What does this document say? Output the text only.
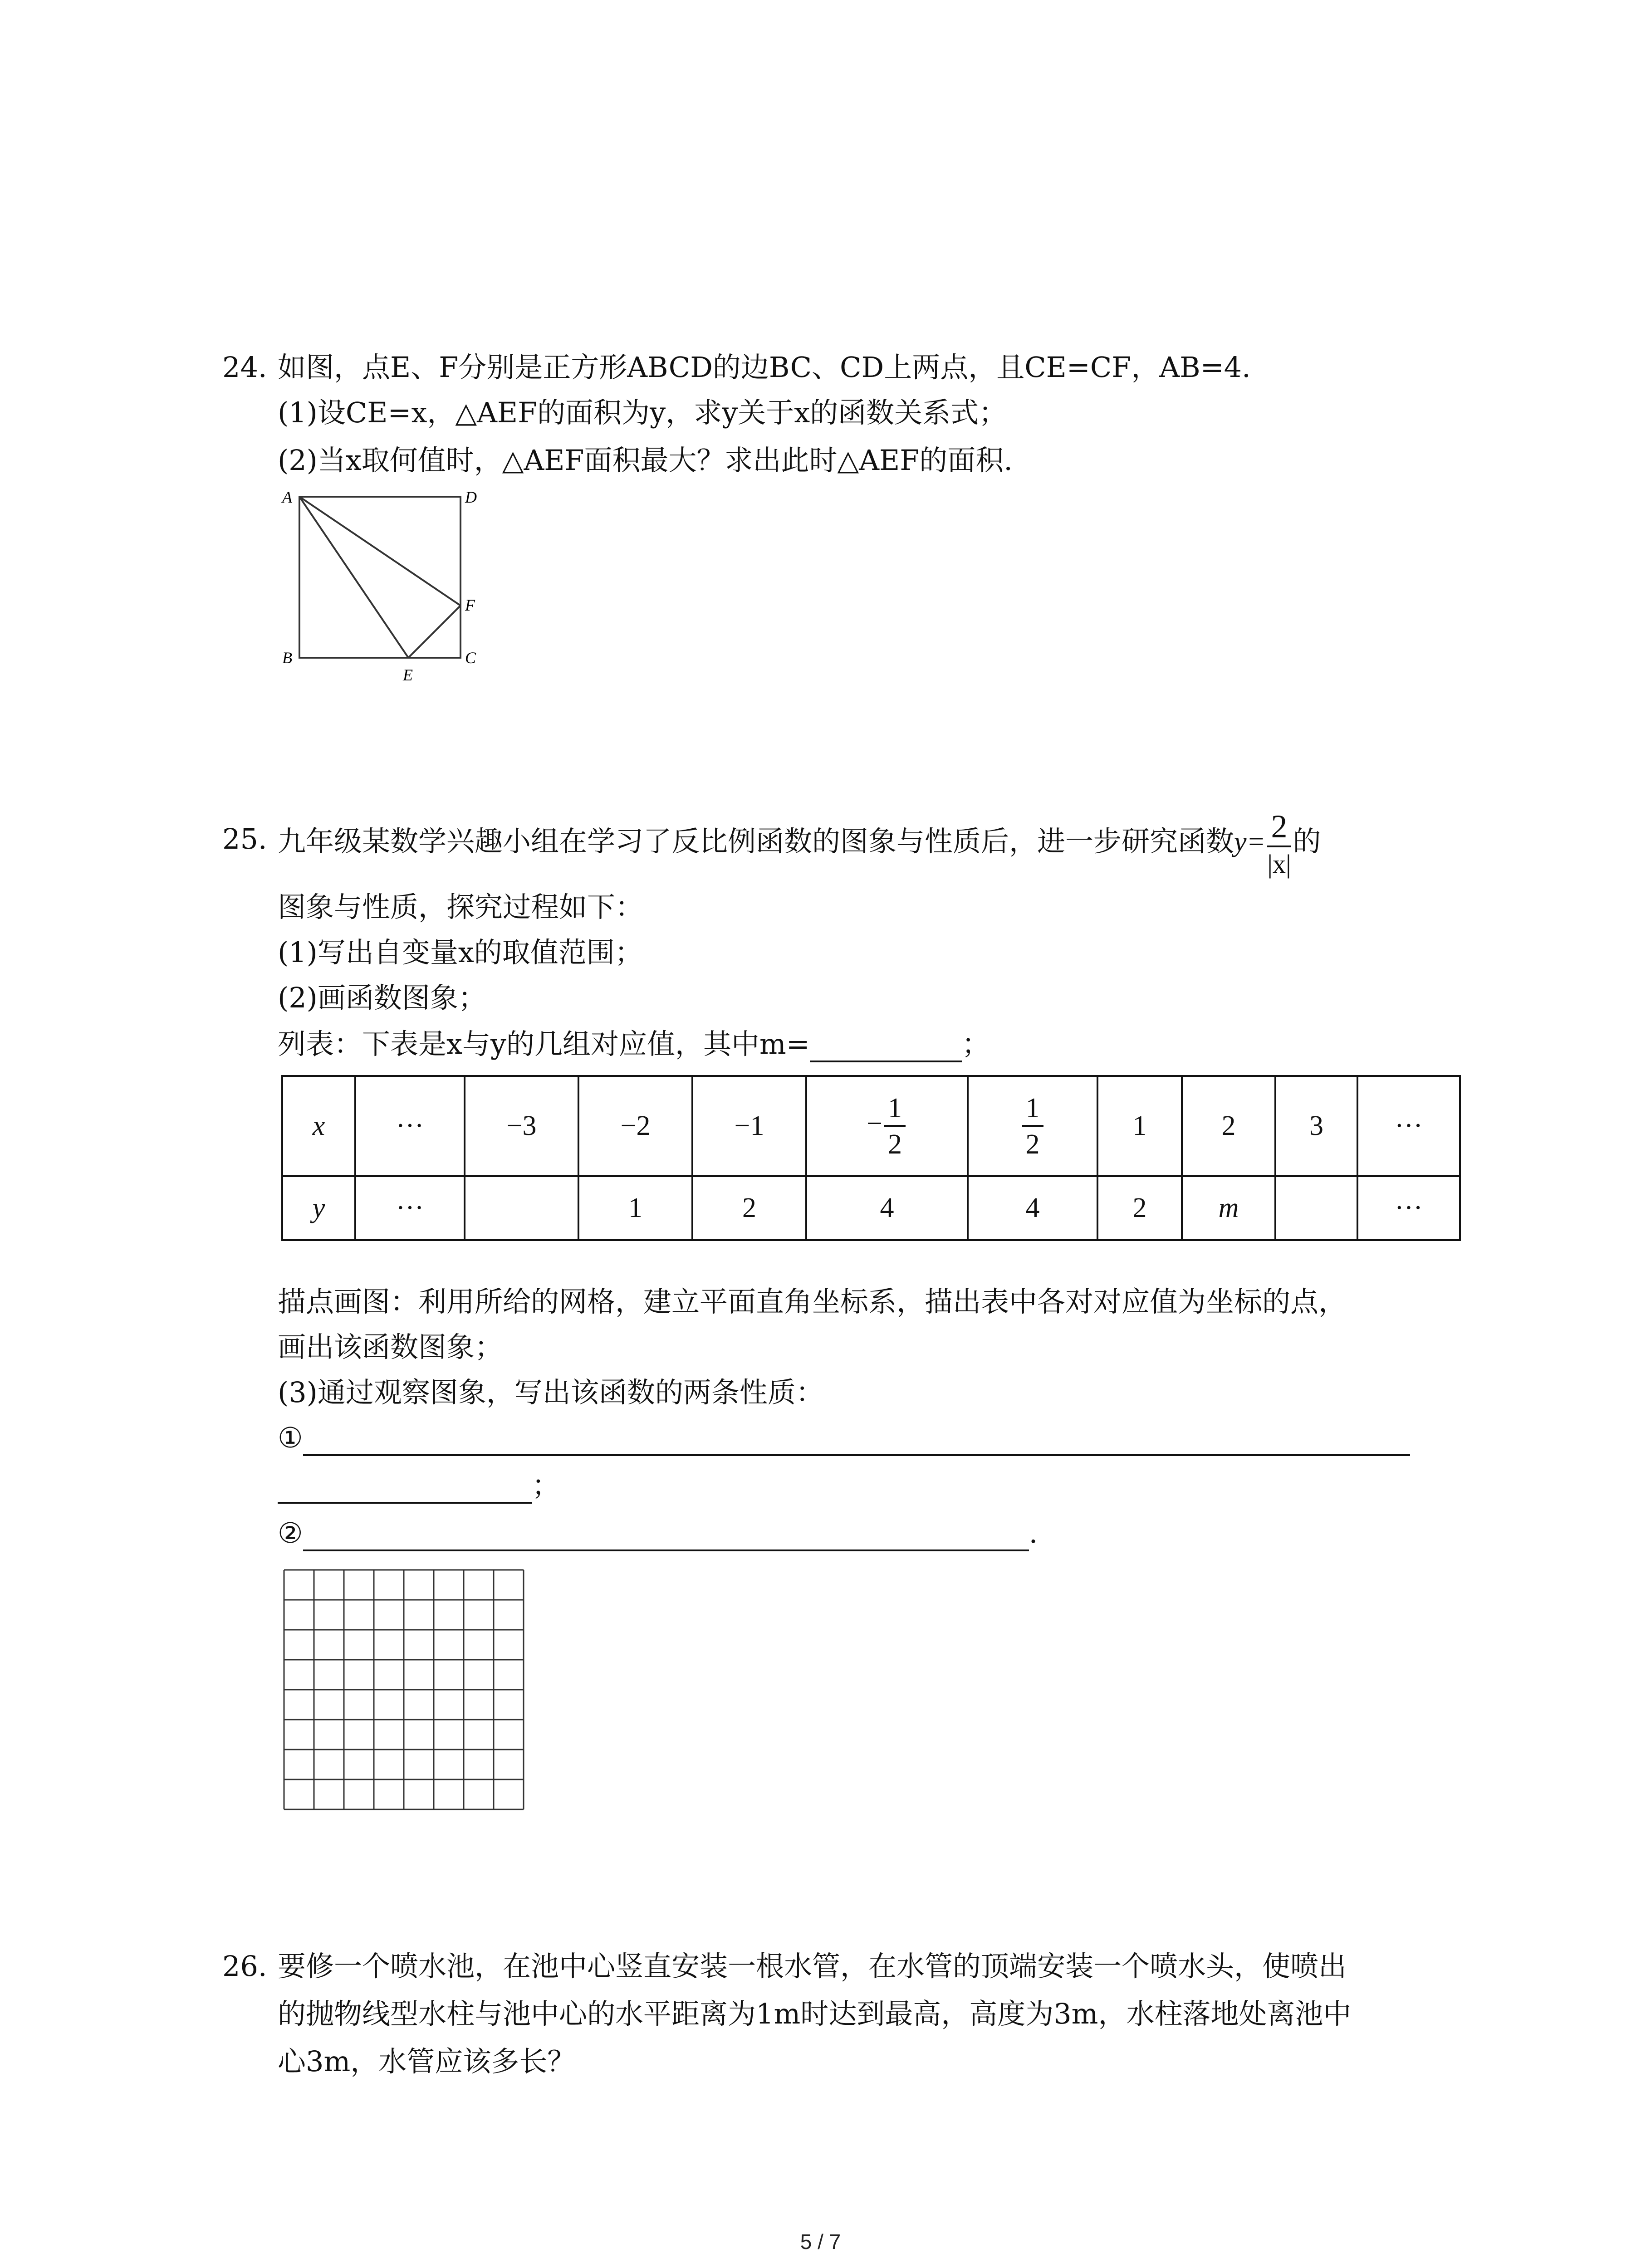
24. 如图，点E、F分别是正方形ABCD的边BC、CD上两点，且CE=CF，AB=4.
(1)设CE=x，△AEF的面积为y，求y关于x的函数关系式；
(2)当x取何值时，△AEF面积最大？求出此时△AEF的面积.
A	D
B	C
E
F
25. 九年级某数学兴趣小组在学习了反比例函数的图象与性质后，进一步研究函数$y= \frac{2}{|x|}$ 的
图象与性质，探究过程如下：
(1)写出自变量x的取值范围；
(2)画函数图象；
列表：下表是x与y的几组对应值，其中m=	；
x	···	−3	−2	−1	− $\frac{1}{2}$	$\frac{1}{2}$	1	2	3	···
y	···		1	2	4	4	2	m		···
描点画图：利用所给的网格，建立平面直角坐标系，描出表中各对对应值为坐标的点，
画出该函数图象；
(3)通过观察图象，写出该函数的两条性质：
①
；
②	.
26. 要修一个喷水池，在池中心竖直安装一根水管，在水管的顶端安装一个喷水头，使喷出
的抛物线型水柱与池中心的水平距离为1m时达到最高，高度为3m，水柱落地处离池中
心3m，水管应该多长？
5 / 7
